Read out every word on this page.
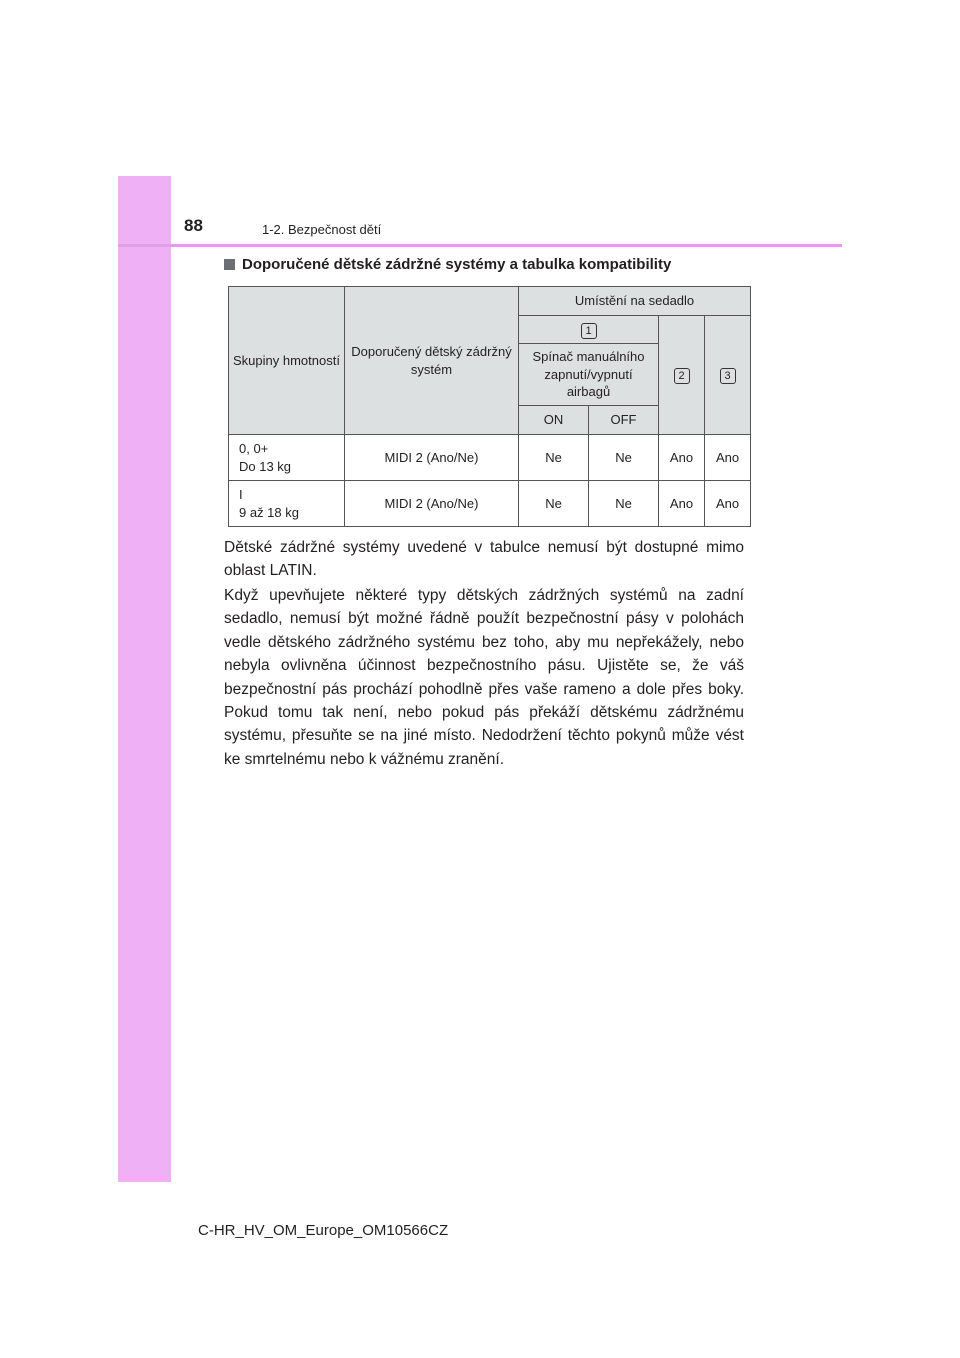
88	1-2. Bezpečnost dětí
Doporučené dětské zádržné systémy a tabulka kompatibility
Skupiny hmotností	Doporučený dětský zádržný systém	Umístění na sedadlo			
		1		2	3
		Spínač manuálního zapnutí/vypnutí airbagů			
		ON	OFF		
0, 0+
Do 13 kg	MIDI 2 (Ano/Ne)	Ne	Ne	Ano	Ano
I
9 až 18 kg	MIDI 2 (Ano/Ne)	Ne	Ne	Ano	Ano

Dětské zádržné systémy uvedené v tabulce nemusí být dostupné mimo oblast LATIN.

Když upevňujete některé typy dětských zádržných systémů na zadní sedadlo, nemusí být možné řádně použít bezpečnostní pásy v polohách vedle dětského zádržného systému bez toho, aby mu nepřekážely, nebo nebyla ovlivněna účinnost bezpečnostního pásu. Ujistěte se, že váš bezpečnostní pás prochází pohodlně přes vaše rameno a dole přes boky. Pokud tomu tak není, nebo pokud pás překáží dětskému zádržnému systému, přesuňte se na jiné místo. Nedodržení těchto pokynů může vést ke smrtelnému nebo k vážnému zranění.

C-HR_HV_OM_Europe_OM10566CZ
